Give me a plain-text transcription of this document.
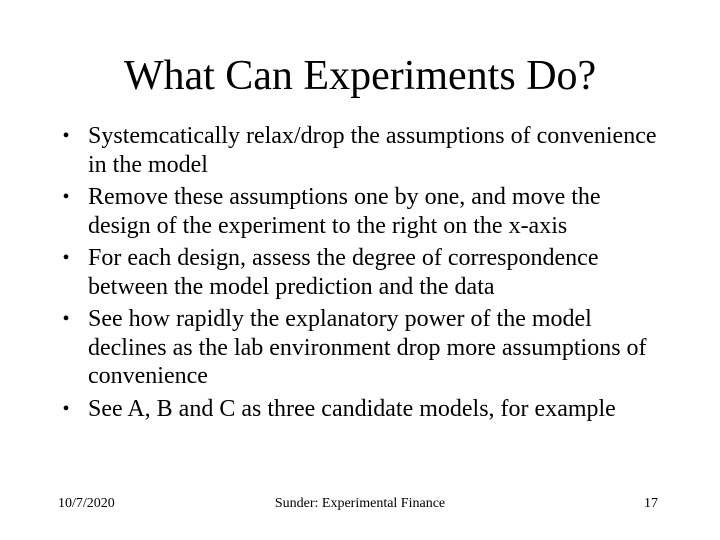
What Can Experiments Do?
• Systemcatically relax/drop the assumptions of convenience in the model
• Remove these assumptions one by one, and move the design of the experiment to the right on the x-axis
• For each design, assess the degree of correspondence between the model prediction and the data
• See how rapidly the explanatory power of the model declines as the lab environment drop more assumptions of convenience
• See A, B and C as three candidate models, for example
10/7/2020	Sunder: Experimental Finance	17
